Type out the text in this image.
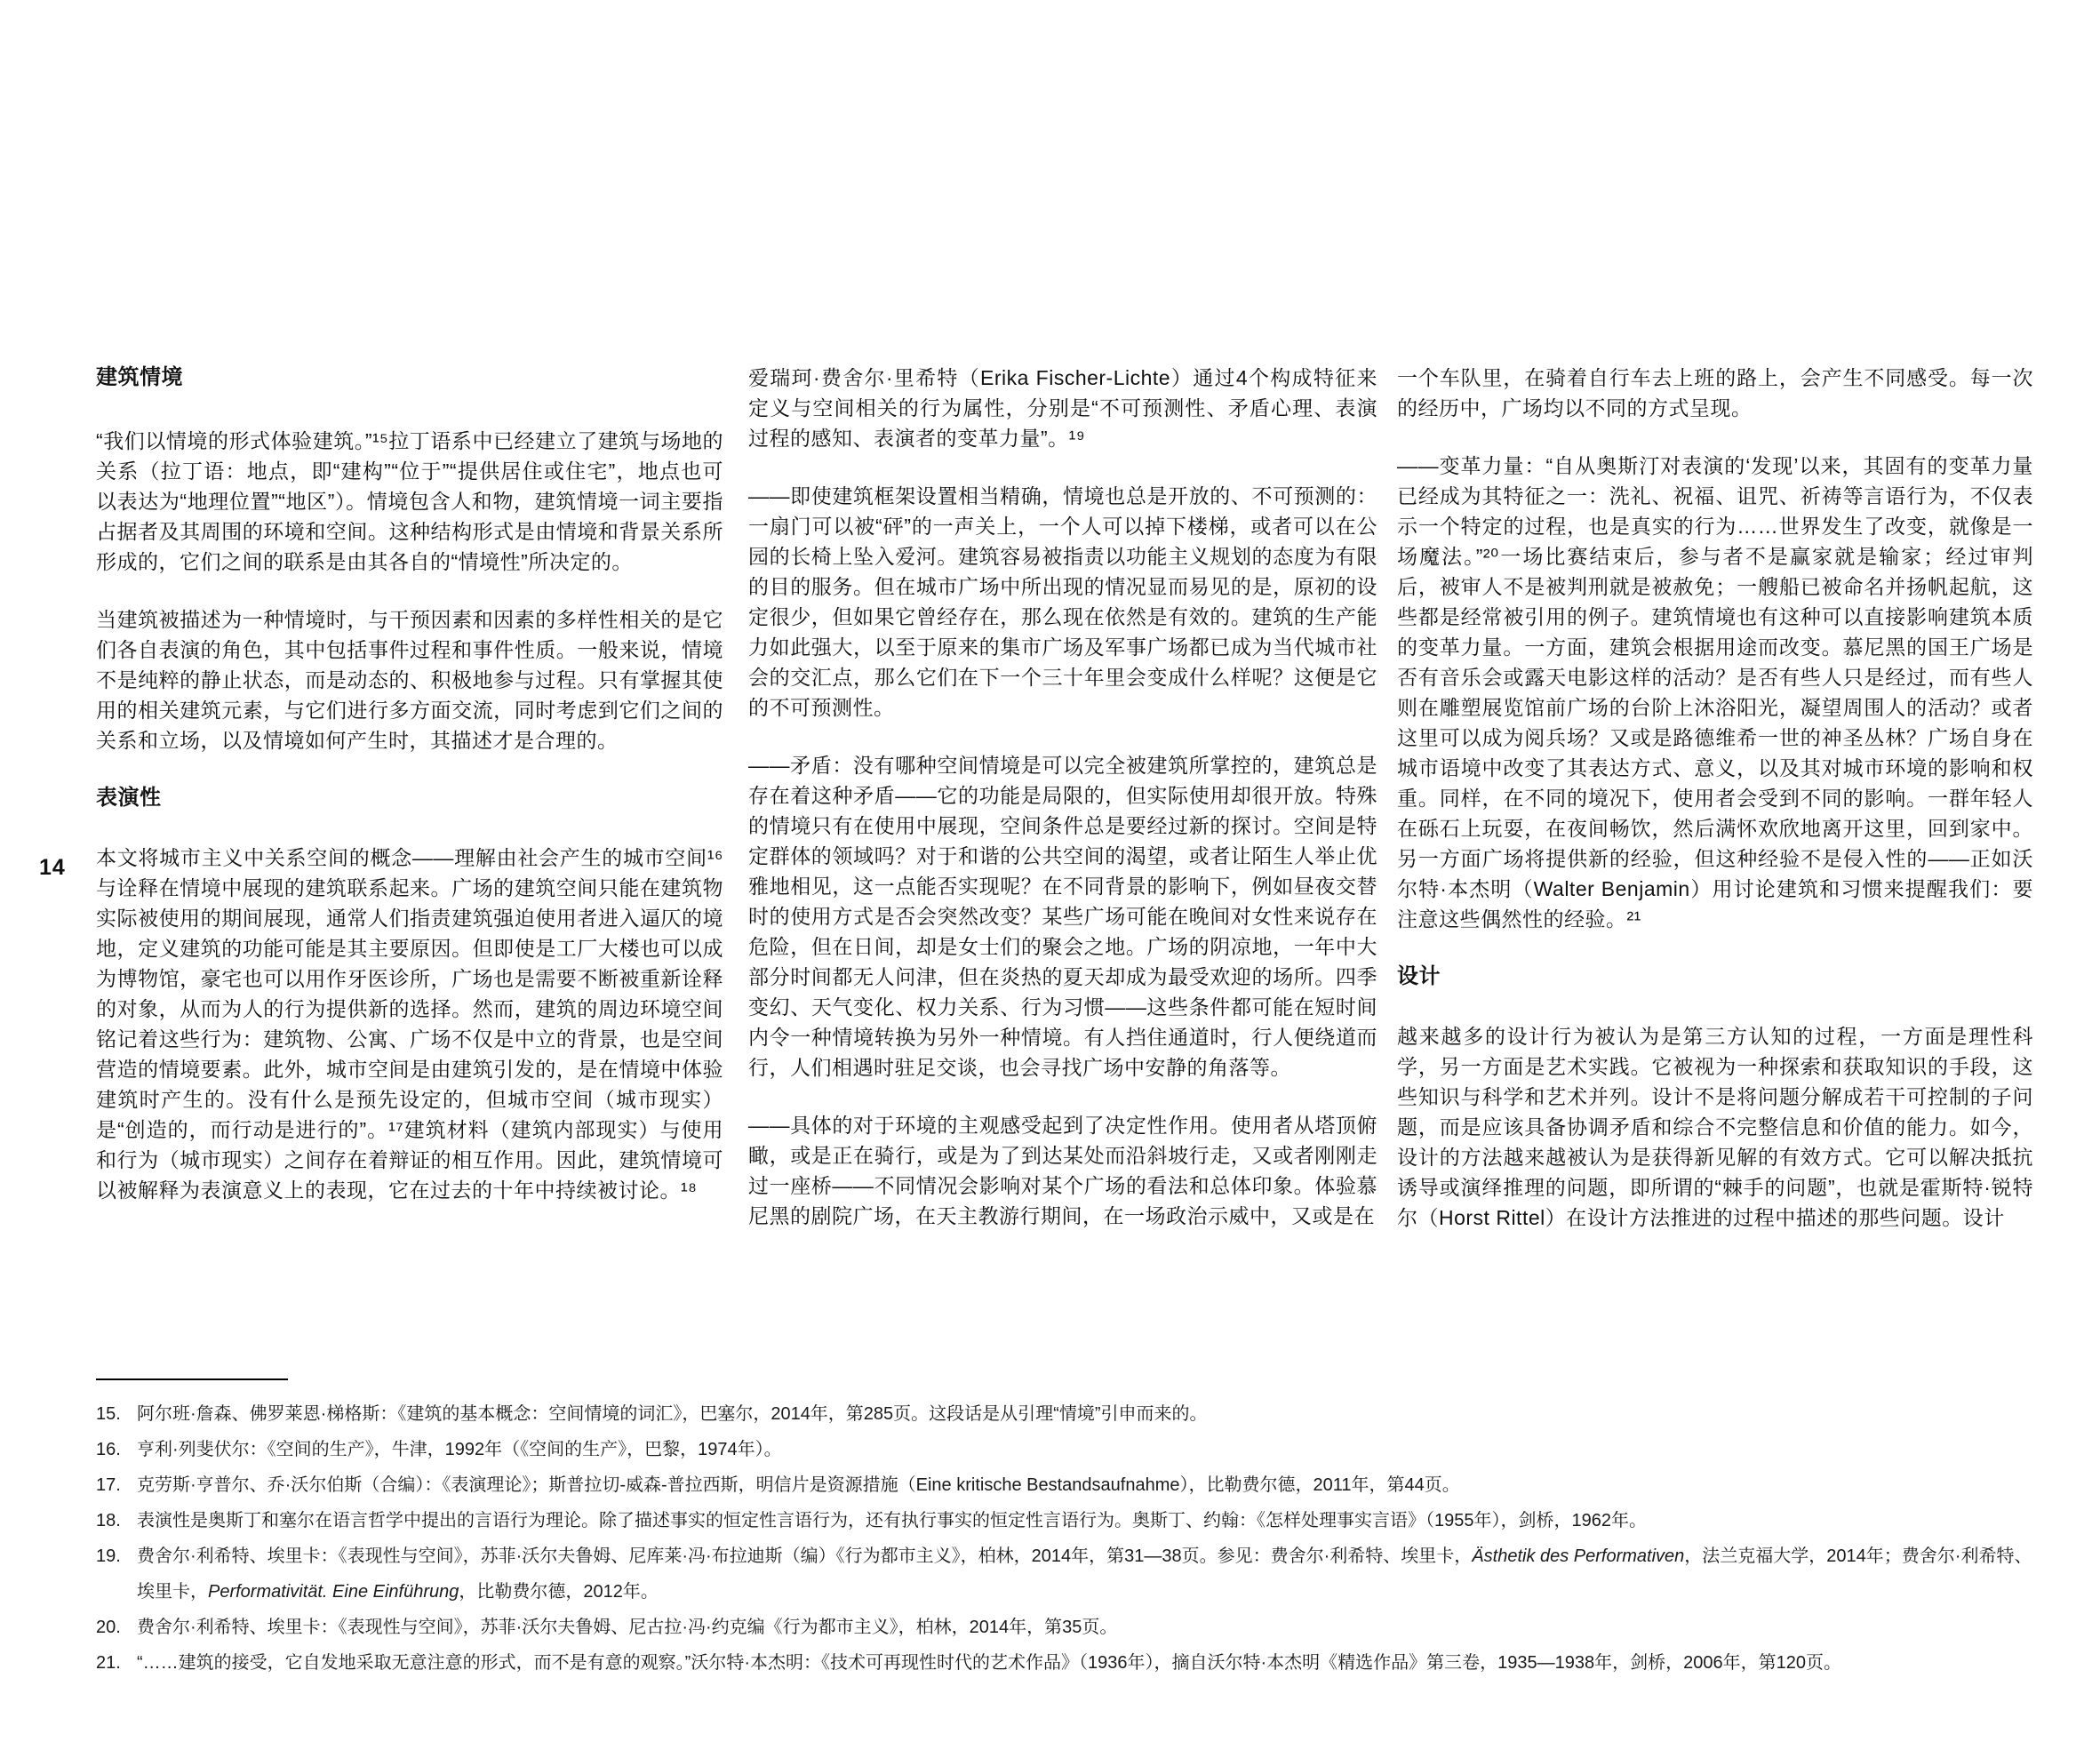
14
建筑情境

“我们以情境的形式体验建筑。”¹⁵拉丁语系中已经建立了建筑与场地的关系（拉丁语：地点，即“建构”“位于”“提供居住或住宅”，地点也可以表达为“地理位置”“地区”）。情境包含人和物，建筑情境一词主要指占据者及其周围的环境和空间。这种结构形式是由情境和背景关系所形成的，它们之间的联系是由其各自的“情境性”所决定的。

当建筑被描述为一种情境时，与干预因素和因素的多样性相关的是它们各自表演的角色，其中包括事件过程和事件性质。一般来说，情境不是纯粹的静止状态，而是动态的、积极地参与过程。只有掌握其使用的相关建筑元素，与它们进行多方面交流，同时考虑到它们之间的关系和立场，以及情境如何产生时，其描述才是合理的。

表演性

本文将城市主义中关系空间的概念——理解由社会产生的城市空间¹⁶与诠释在情境中展现的建筑联系起来。广场的建筑空间只能在建筑物实际被使用的期间展现，通常人们指责建筑强迫使用者进入逼仄的境地，定义建筑的功能可能是其主要原因。但即使是工厂大楼也可以成为博物馆，豪宅也可以用作牙医诊所，广场也是需要不断被重新诠释的对象，从而为人的行为提供新的选择。然而，建筑的周边环境空间铭记着这些行为：建筑物、公寓、广场不仅是中立的背景，也是空间营造的情境要素。此外，城市空间是由建筑引发的，是在情境中体验建筑时产生的。没有什么是预先设定的，但城市空间（城市现实）是“创造的，而行动是进行的”。¹⁷建筑材料（建筑内部现实）与使用和行为（城市现实）之间存在着辩证的相互作用。因此，建筑情境可以被解释为表演意义上的表现，它在过去的十年中持续被讨论。¹⁸

爱瑞珂·费舍尔·里希特（Erika Fischer-Lichte）通过4个构成特征来定义与空间相关的行为属性，分别是“不可预测性、矛盾心理、表演过程的感知、表演者的变革力量”。¹⁹

——即使建筑框架设置相当精确，情境也总是开放的、不可预测的：一扇门可以被“砰”的一声关上，一个人可以掉下楼梯，或者可以在公园的长椅上坠入爱河。建筑容易被指责以功能主义规划的态度为有限的目的服务。但在城市广场中所出现的情况显而易见的是，原初的设定很少，但如果它曾经存在，那么现在依然是有效的。建筑的生产能力如此强大，以至于原来的集市广场及军事广场都已成为当代城市社会的交汇点，那么它们在下一个三十年里会变成什么样呢？这便是它的不可预测性。

——矛盾：没有哪种空间情境是可以完全被建筑所掌控的，建筑总是存在着这种矛盾——它的功能是局限的，但实际使用却很开放。特殊的情境只有在使用中展现，空间条件总是要经过新的探讨。空间是特定群体的领域吗？对于和谐的公共空间的渴望，或者让陌生人举止优雅地相见，这一点能否实现呢？在不同背景的影响下，例如昼夜交替时的使用方式是否会突然改变？某些广场可能在晚间对女性来说存在危险，但在日间，却是女士们的聚会之地。广场的阴凉地，一年中大部分时间都无人问津，但在炎热的夏天却成为最受欢迎的场所。四季变幻、天气变化、权力关系、行为习惯——这些条件都可能在短时间内令一种情境转换为另外一种情境。有人挡住通道时，行人便绕道而行，人们相遇时驻足交谈，也会寻找广场中安静的角落等。

——具体的对于环境的主观感受起到了决定性作用。使用者从塔顶俯瞰，或是正在骑行，或是为了到达某处而沿斜坡行走，又或者刚刚走过一座桥——不同情况会影响对某个广场的看法和总体印象。体验慕尼黑的剧院广场，在天主教游行期间，在一场政治示威中，又或是在

一个车队里，在骑着自行车去上班的路上，会产生不同感受。每一次的经历中，广场均以不同的方式呈现。

——变革力量：“自从奥斯汀对表演的‘发现’以来，其固有的变革力量已经成为其特征之一：洗礼、祝福、诅咒、祈祷等言语行为，不仅表示一个特定的过程，也是真实的行为……世界发生了改变，就像是一场魔法。”²⁰一场比赛结束后，参与者不是赢家就是输家；经过审判后，被审人不是被判刑就是被赦免；一艘船已被命名并扬帆起航，这些都是经常被引用的例子。建筑情境也有这种可以直接影响建筑本质的变革力量。一方面，建筑会根据用途而改变。慕尼黑的国王广场是否有音乐会或露天电影这样的活动？是否有些人只是经过，而有些人则在雕塑展览馆前广场的台阶上沐浴阳光，凝望周围人的活动？或者这里可以成为阅兵场？又或是路德维希一世的神圣丛林？广场自身在城市语境中改变了其表达方式、意义，以及其对城市环境的影响和权重。同样，在不同的境况下，使用者会受到不同的影响。一群年轻人在砾石上玩耍，在夜间畅饮，然后满怀欢欣地离开这里，回到家中。另一方面广场将提供新的经验，但这种经验不是侵入性的——正如沃尔特·本杰明（Walter Benjamin）用讨论建筑和习惯来提醒我们：要注意这些偶然性的经验。²¹

设计

越来越多的设计行为被认为是第三方认知的过程，一方面是理性科学，另一方面是艺术实践。它被视为一种探索和获取知识的手段，这些知识与科学和艺术并列。设计不是将问题分解成若干可控制的子问题，而是应该具备协调矛盾和综合不完整信息和价值的能力。如今，设计的方法越来越被认为是获得新见解的有效方式。它可以解决抵抗诱导或演绎推理的问题，即所谓的“棘手的问题”，也就是霍斯特·锐特尔（Horst Rittel）在设计方法推进的过程中描述的那些问题。设计

15. 阿尔班·詹森、佛罗莱恩·梯格斯：《建筑的基本概念：空间情境的词汇》，巴塞尔，2014年，第285页。这段话是从引理“情境”引申而来的。
16. 亨利·列斐伏尔：《空间的生产》，牛津，1992年（《空间的生产》，巴黎，1974年）。
17. 克劳斯·亨普尔、乔·沃尔伯斯（合编）：《表演理论》；斯普拉切-威森-普拉西斯，明信片是资源措施（Eine kritische Bestandsaufnahme），比勒费尔德，2011年，第44页。
18. 表演性是奥斯丁和塞尔在语言哲学中提出的言语行为理论。除了描述事实的恒定性言语行为，还有执行事实的恒定性言语行为。奥斯丁、约翰：《怎样处理事实言语》（1955年），剑桥，1962年。
19. 费舍尔·利希特、埃里卡：《表现性与空间》，苏菲·沃尔夫鲁姆、尼库莱·冯·布拉迪斯（编）《行为都市主义》，柏林，2014年，第31—38页。参见：费舍尔·利希特、埃里卡，Ästhetik des Performativen，法兰克福大学，2014年；费舍尔·利希特、埃里卡，Performativität. Eine Einführung，比勒费尔德，2012年。
20. 费舍尔·利希特、埃里卡：《表现性与空间》，苏菲·沃尔夫鲁姆、尼古拉·冯·约克编《行为都市主义》，柏林，2014年，第35页。
21. “……建筑的接受，它自发地采取无意注意的形式，而不是有意的观察。”沃尔特·本杰明：《技术可再现性时代的艺术作品》（1936年），摘自沃尔特·本杰明《精选作品》第三卷，1935—1938年，剑桥，2006年，第120页。
